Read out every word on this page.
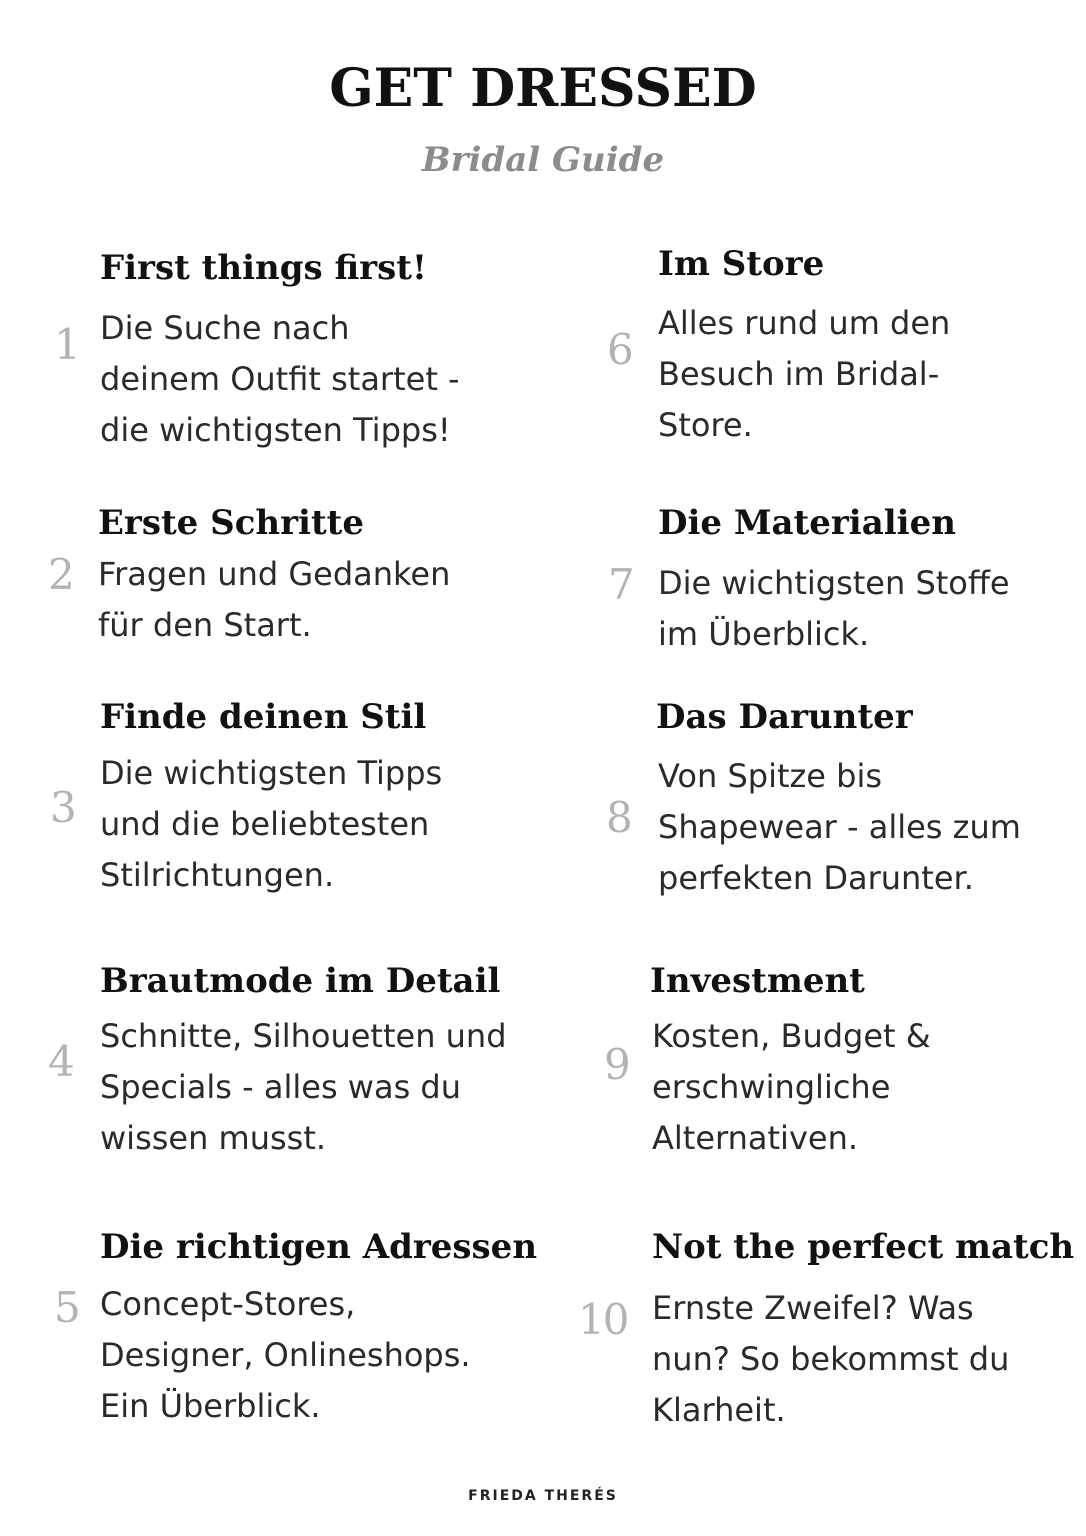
GET DRESSED
Bridal Guide
1
First things first!
Die Suche nach
deinem Outfit startet -
die wichtigsten Tipps!
2
Erste Schritte
Fragen und Gedanken
für den Start.
3
Finde deinen Stil
Die wichtigsten Tipps
und die beliebtesten
Stilrichtungen.
4
Brautmode im Detail
Schnitte, Silhouetten und
Specials - alles was du
wissen musst.
5
Die richtigen Adressen
Concept-Stores,
Designer, Onlineshops.
Ein Überblick.
6
Im Store
Alles rund um den
Besuch im Bridal-
Store.
7
Die Materialien
Die wichtigsten Stoffe
im Überblick.
8
Das Darunter
Von Spitze bis
Shapewear - alles zum
perfekten Darunter.
9
Investment
Kosten, Budget &
erschwingliche
Alternativen.
10
Not the perfect match
Ernste Zweifel? Was
nun? So bekommst du
Klarheit.
FRIEDA THERÉS
